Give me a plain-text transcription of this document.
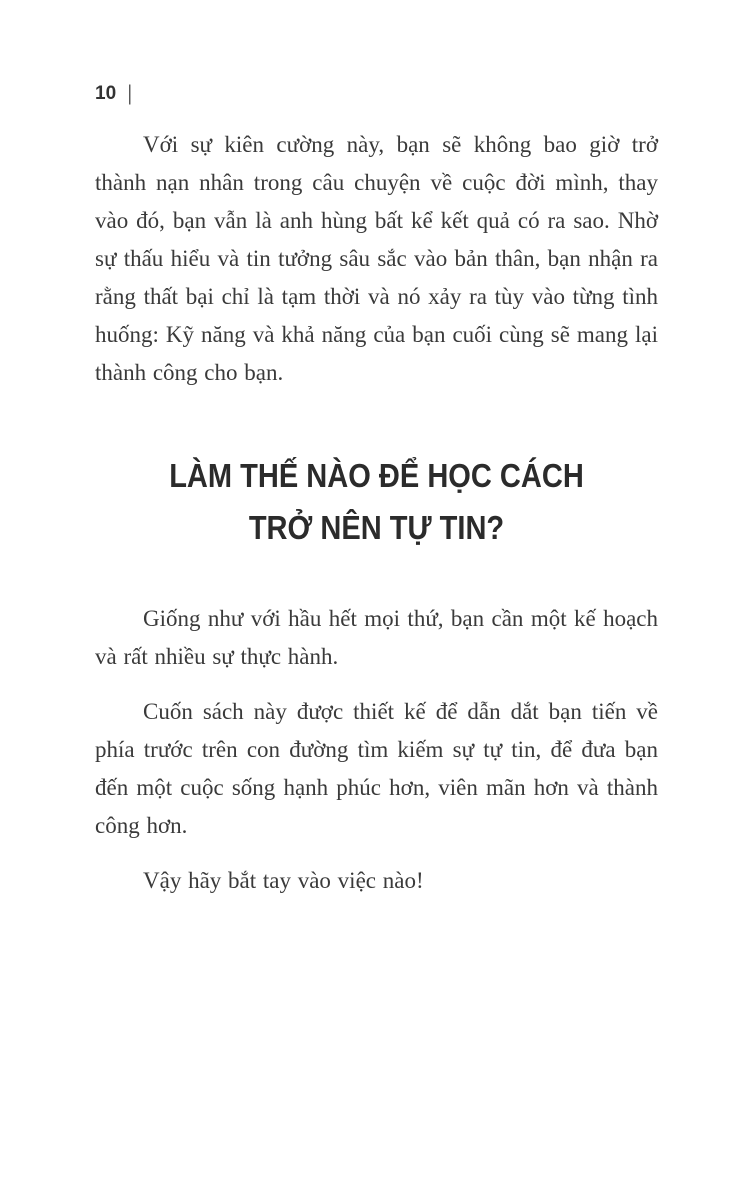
10 |

Với sự kiên cường này, bạn sẽ không bao giờ trở thành nạn nhân trong câu chuyện về cuộc đời mình, thay vào đó, bạn vẫn là anh hùng bất kể kết quả có ra sao. Nhờ sự thấu hiểu và tin tưởng sâu sắc vào bản thân, bạn nhận ra rằng thất bại chỉ là tạm thời và nó xảy ra tùy vào từng tình huống: Kỹ năng và khả năng của bạn cuối cùng sẽ mang lại thành công cho bạn.

LÀM THẾ NÀO ĐỂ HỌC CÁCH
TRỞ NÊN TỰ TIN?

Giống như với hầu hết mọi thứ, bạn cần một kế hoạch và rất nhiều sự thực hành.

Cuốn sách này được thiết kế để dẫn dắt bạn tiến về phía trước trên con đường tìm kiếm sự tự tin, để đưa bạn đến một cuộc sống hạnh phúc hơn, viên mãn hơn và thành công hơn.

Vậy hãy bắt tay vào việc nào!
